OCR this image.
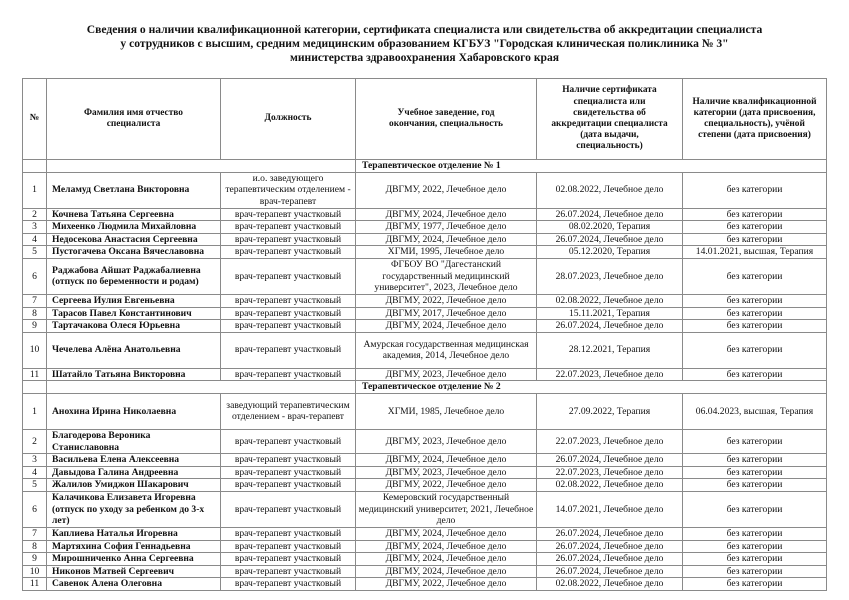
Сведения о наличии квалификационной категории, сертификата специалиста или свидетельства об аккредитации специалиста
у сотрудников с высшим, средним медицинским образованием КГБУЗ "Городская клиническая поликлиника № 3"
министерства здравоохранения Хабаровского края
№	Фамилия имя отчество специалиста	Должность	Учебное заведение, год окончания, специальность	Наличие сертификата специалиста или свидетельства об аккредитации специалиста (дата выдачи, специальность)	Наличие квалификационной категории (дата присвоения, специальность), учёной степени (дата присвоения)
			Терапевтическое отделение № 1		
1	Меламуд Светлана Викторовна	и.о. заведующего терапевтическим отделением - врач-терапевт	ДВГМУ, 2022, Лечебное дело	02.08.2022, Лечебное дело	без категории
2	Кочнева Татьяна Сергеевна	врач-терапевт участковый	ДВГМУ, 2024, Лечебное дело	26.07.2024, Лечебное дело	без категории
3	Михеенко Людмила Михайловна	врач-терапевт участковый	ДВГМУ, 1977, Лечебное дело	08.02.2020, Терапия	без категории
4	Недосекова Анастасия Сергеевна	врач-терапевт участковый	ДВГМУ, 2024, Лечебное дело	26.07.2024, Лечебное дело	без категории
5	Пустогачева Оксана Вячеславовна	врач-терапевт участковый	ХГМИ, 1995, Лечебное дело	05.12.2020, Терапия	14.01.2021, высшая, Терапия
6	Раджабова Айшат Раджабалиевна (отпуск по беременности и родам)	врач-терапевт участковый	ФГБОУ ВО "Дагестанский государственный медицинский университет", 2023, Лечебное дело	28.07.2023, Лечебное дело	без категории
7	Сергеева Иулия Евгеньевна	врач-терапевт участковый	ДВГМУ, 2022, Лечебное дело	02.08.2022, Лечебное дело	без категории
8	Тарасов Павел Константинович	врач-терапевт участковый	ДВГМУ, 2017, Лечебное дело	15.11.2021, Терапия	без категории
9	Тартачакова Олеся Юрьевна	врач-терапевт участковый	ДВГМУ, 2024, Лечебное дело	26.07.2024, Лечебное дело	без категории
10	Чечелева Алёна Анатольевна	врач-терапевт участковый	Амурская государственная медицинская академия, 2014, Лечебное дело	28.12.2021, Терапия	без категории
11	Шатайло Татьяна Викторовна	врач-терапевт участковый	ДВГМУ, 2023, Лечебное дело	22.07.2023, Лечебное дело	без категории
			Терапевтическое отделение № 2		
1	Анохина Ирина Николаевна	заведующий терапевтическим отделением - врач-терапевт	ХГМИ, 1985, Лечебное дело	27.09.2022, Терапия	06.04.2023, высшая, Терапия
2	Благодерова Вероника Станиславовна	врач-терапевт участковый	ДВГМУ, 2023, Лечебное дело	22.07.2023, Лечебное дело	без категории
3	Васильева Елена Алексеевна	врач-терапевт участковый	ДВГМУ, 2024, Лечебное дело	26.07.2024, Лечебное дело	без категории
4	Давыдова Галина Андреевна	врач-терапевт участковый	ДВГМУ, 2023, Лечебное дело	22.07.2023, Лечебное дело	без категории
5	Жалилов Умиджон Шакарович	врач-терапевт участковый	ДВГМУ, 2022, Лечебное дело	02.08.2022, Лечебное дело	без категории
6	Калачикова Елизавета Игоревна (отпуск по уходу за ребенком до 3-х лет)	врач-терапевт участковый	Кемеровский государственный медицинский университет, 2021, Лечебное дело	14.07.2021, Лечебное дело	без категории
7	Каплиева Наталья Игоревна	врач-терапевт участковый	ДВГМУ, 2024, Лечебное дело	26.07.2024, Лечебное дело	без категории
8	Мартяхина София Геннадьевна	врач-терапевт участковый	ДВГМУ, 2024, Лечебное дело	26.07.2024, Лечебное дело	без категории
9	Мирошниченко Анна Сергеевна	врач-терапевт участковый	ДВГМУ, 2024, Лечебное дело	26.07.2024, Лечебное дело	без категории
10	Никонов Матвей Сергеевич	врач-терапевт участковый	ДВГМУ, 2024, Лечебное дело	26.07.2024, Лечебное дело	без категории
11	Савенок Алена Олеговна	врач-терапевт участковый	ДВГМУ, 2022, Лечебное дело	02.08.2022, Лечебное дело	без категории
